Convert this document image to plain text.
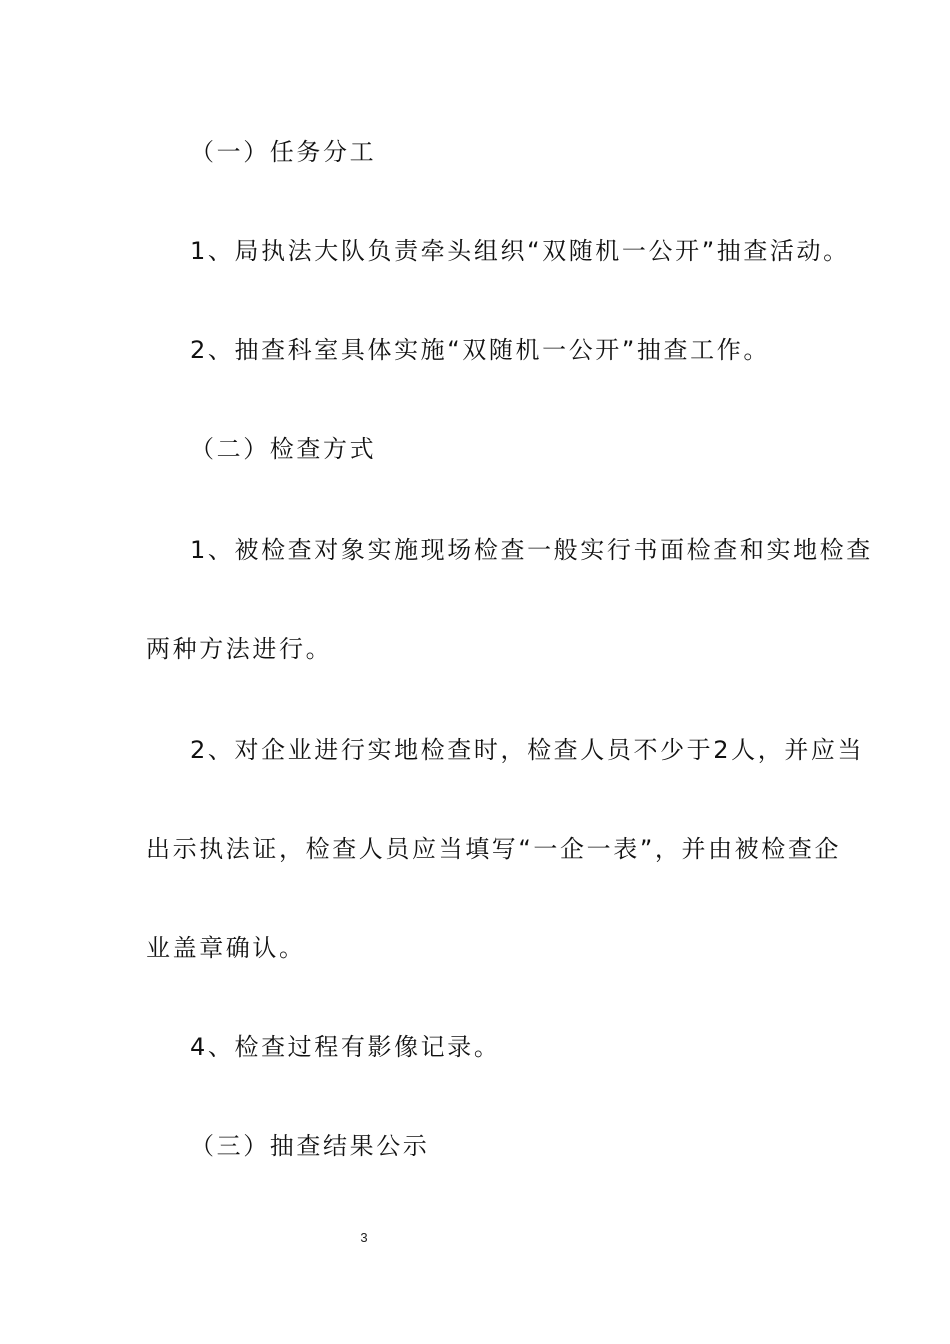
（一）任务分工
1、局执法大队负责牵头组织“双随机一公开”抽查活动。
2、抽查科室具体实施“双随机一公开”抽查工作。
（二）检查方式
1、被检查对象实施现场检查一般实行书面检查和实地检查
两种方法进行。
2、对企业进行实地检查时，检查人员不少于2人，并应当
出示执法证，检查人员应当填写“一企一表”，并由被检查企
业盖章确认。
4、检查过程有影像记录。
（三）抽查结果公示
3
